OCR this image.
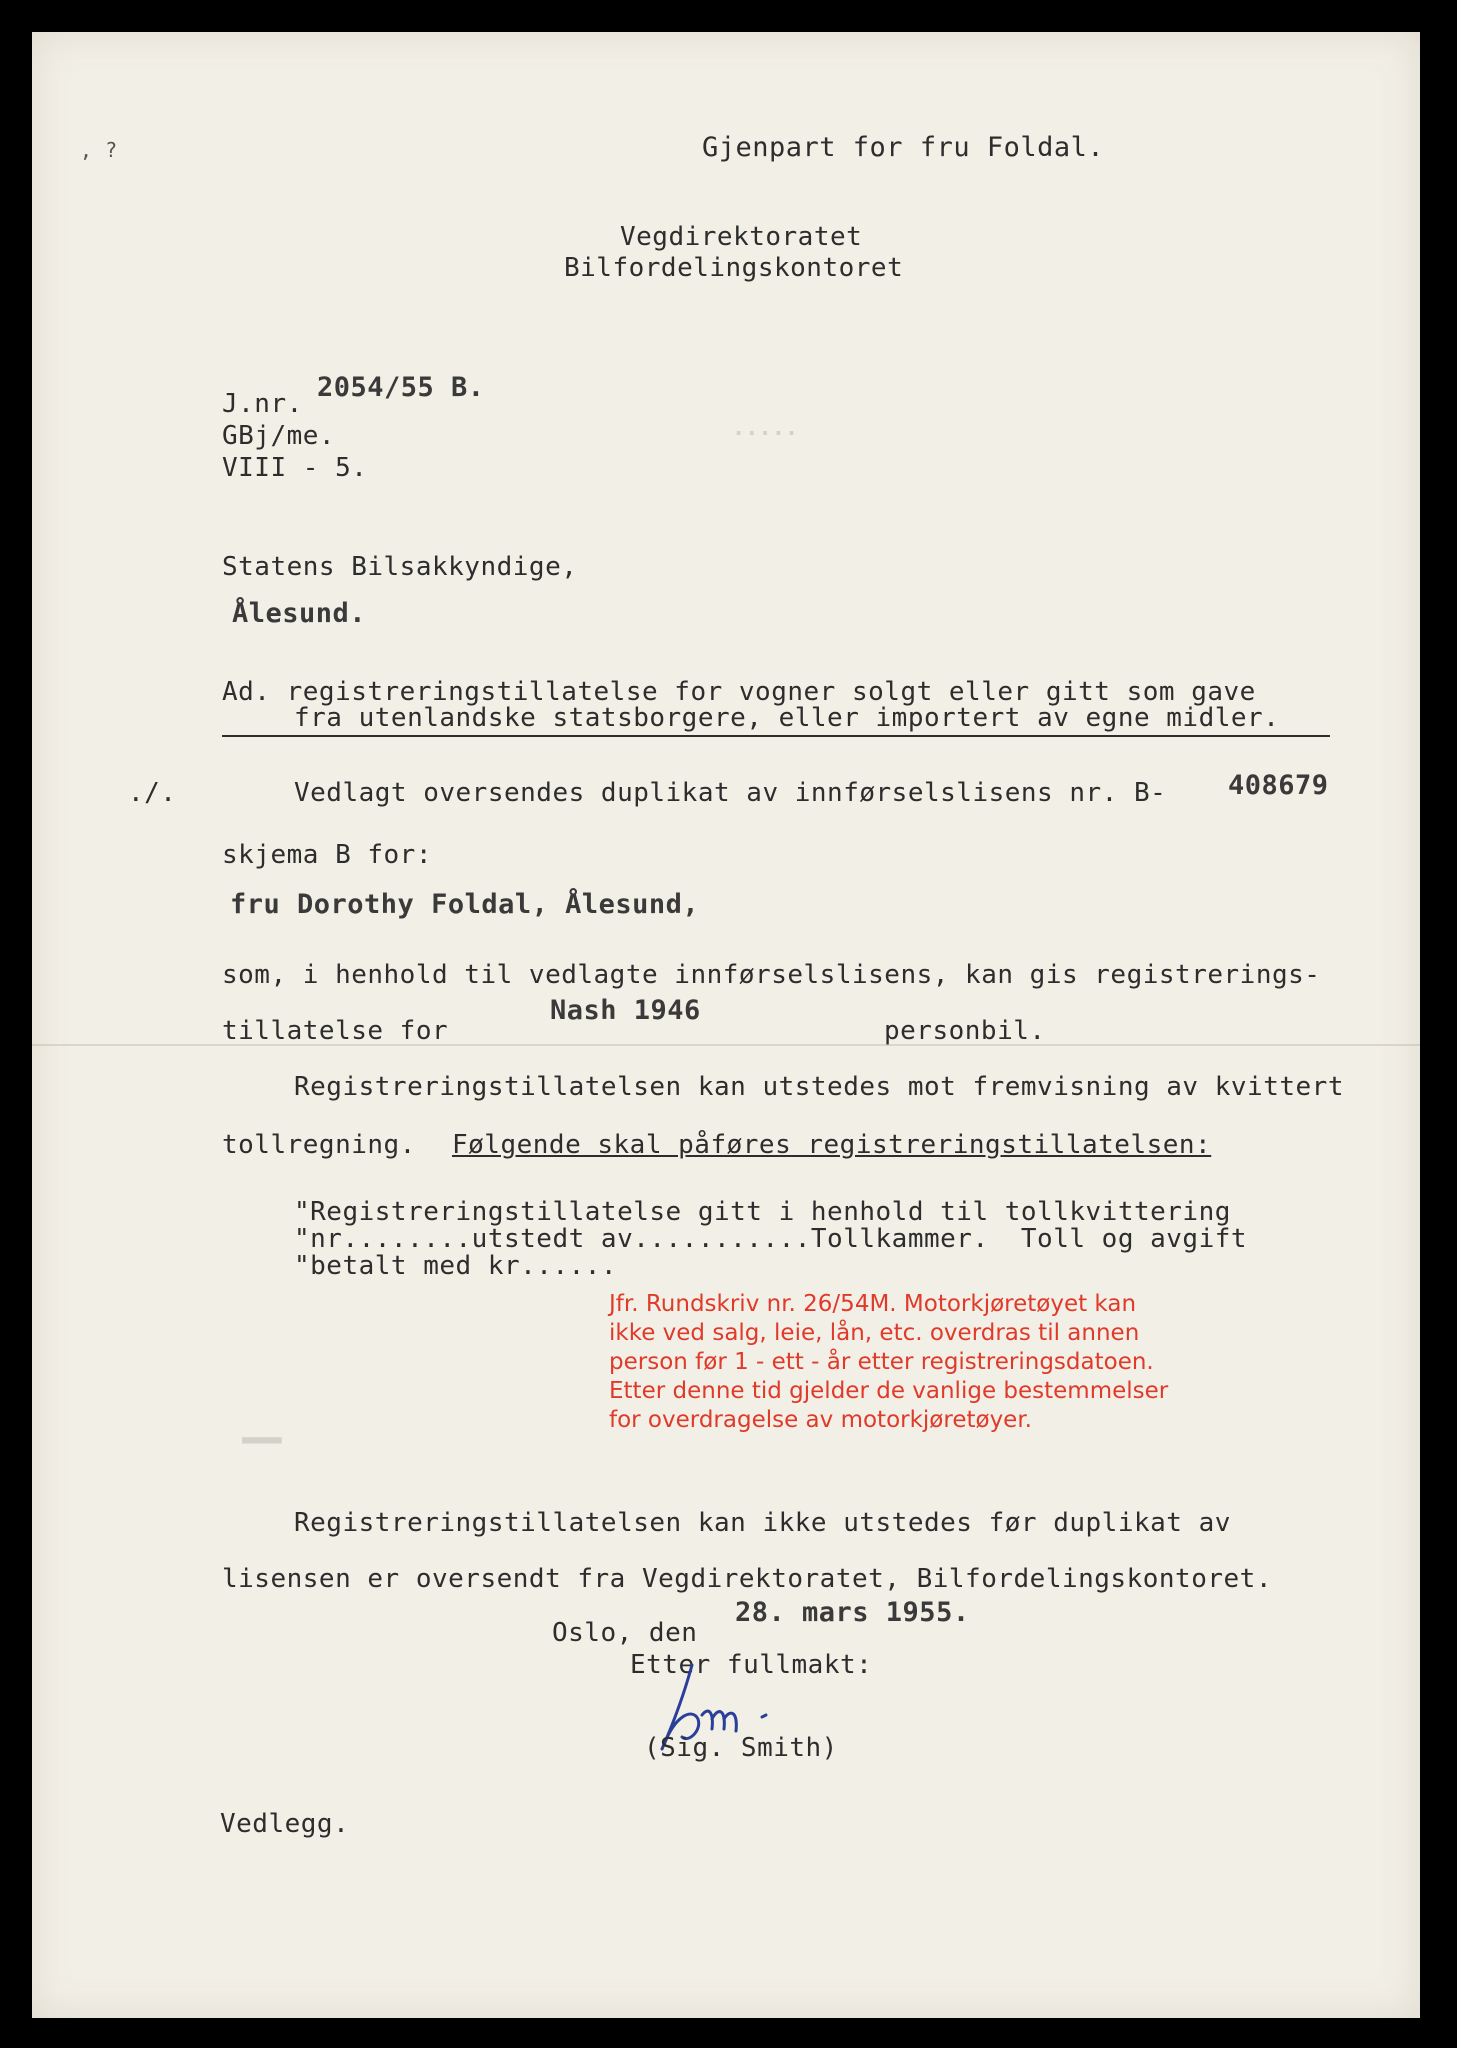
‚ ?	Gjenpart for fru Foldal.
Vegdirektoratet
Bilfordelingskontoret
J.nr.
2054/55 B.
GBj/me.
VIII - 5.
·····
Statens Bilsakkyndige,
Ålesund.
Ad. registreringstillatelse for vogner solgt eller gitt som gave
fra utenlandske statsborgere, eller importert av egne midler.
./.	Vedlagt oversendes duplikat av innførselslisens nr. B- 408679
skjema B for:
fru Dorothy Foldal, Ålesund,
som, i henhold til vedlagte innførselslisens, kan gis registrerings-
tillatelse for
Nash 1946
personbil.
Registreringstillatelsen kan utstedes mot fremvisning av kvittert
tollregning. Følgende skal påføres registreringstillatelsen:
"Registreringstillatelse gitt i henhold til tollkvittering
"nr........utstedt av...........Tollkammer.  Toll og avgift
"betalt med kr......
Jfr. Rundskriv nr. 26/54M. Motorkjøretøyet kan
ikke ved salg, leie, lån, etc. overdras til annen
person før 1 - ett - år etter registreringsdatoen.
Etter denne tid gjelder de vanlige bestemmelser
for overdragelse av motorkjøretøyer.
▬▬▬
Registreringstillatelsen kan ikke utstedes før duplikat av
lisensen er oversendt fra Vegdirektoratet, Bilfordelingskontoret.
Oslo, den
28. mars 1955.
Etter fullmakt:
(Sig. Smith)
Vedlegg.
